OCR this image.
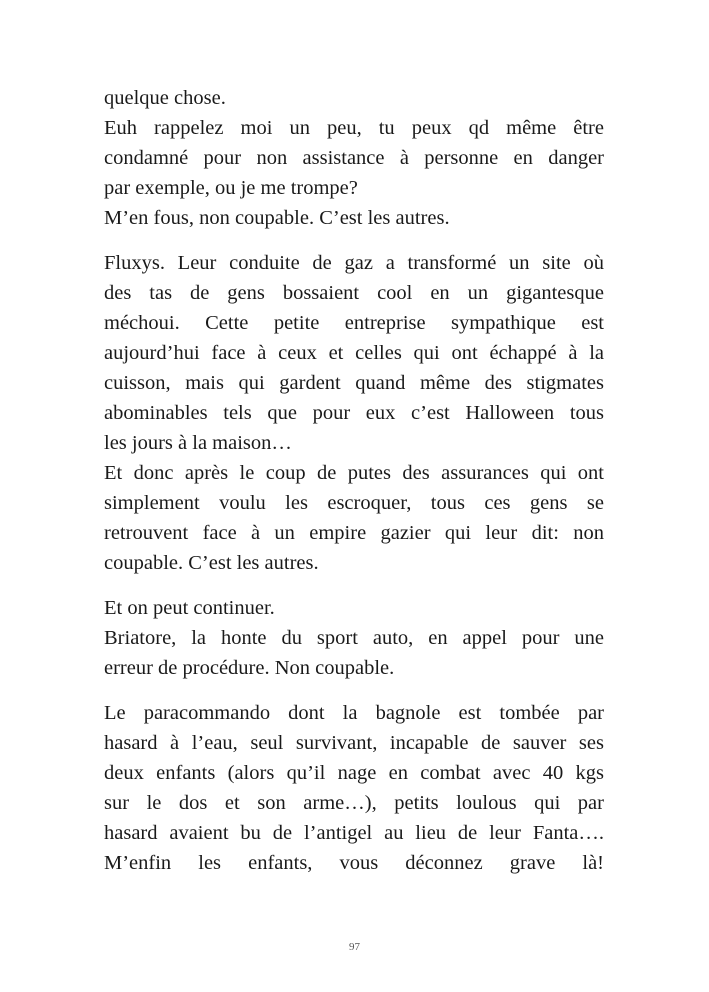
quelque chose.
Euh rappelez moi un peu, tu peux qd même être
condamné pour non assistance à personne en danger
par exemple, ou je me trompe?
M’en fous, non coupable. C’est les autres.
Fluxys. Leur conduite de gaz a transformé un site où
des tas de gens bossaient cool en un gigantesque
méchoui. Cette petite entreprise sympathique est
aujourd’hui face à ceux et celles qui ont échappé à la
cuisson, mais qui gardent quand même des stigmates
abominables tels que pour eux c’est Halloween tous
les jours à la maison…
Et donc après le coup de putes des assurances qui ont
simplement voulu les escroquer, tous ces gens se
retrouvent face à un empire gazier qui leur dit: non
coupable. C’est les autres.
Et on peut continuer.
Briatore, la honte du sport auto, en appel pour une
erreur de procédure. Non coupable.
Le paracommando dont la bagnole est tombée par
hasard à l’eau, seul survivant, incapable de sauver ses
deux enfants (alors qu’il nage en combat avec 40 kgs
sur le dos et son arme…), petits loulous qui par
hasard avaient bu de l’antigel au lieu de leur Fanta….
M’enfin les enfants, vous déconnez grave là!
97
